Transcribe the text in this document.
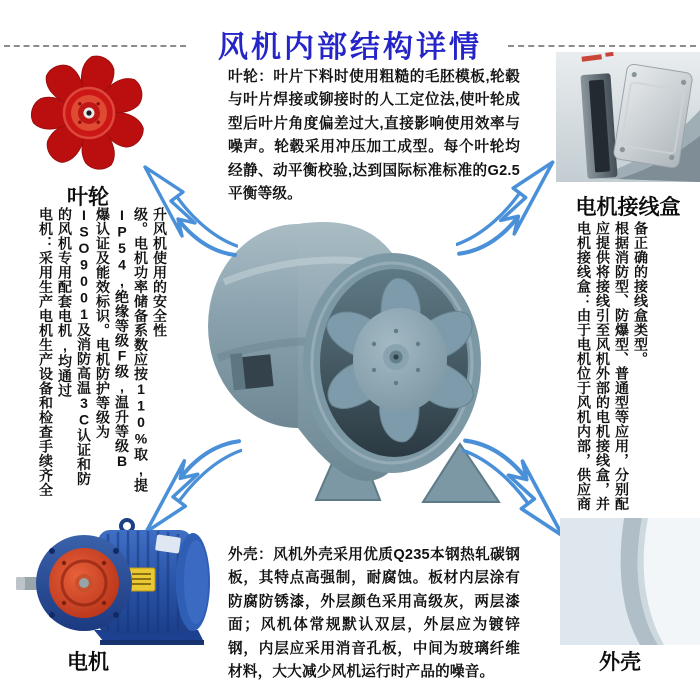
风机内部结构详情
叶轮
叶轮：叶片下料时使用粗糙的毛胚模板,轮毂与叶片焊接或铆接时的人工定位法,使叶轮成型后叶片角度偏差过大,直接影响使用效率与噪声。轮毂采用冲压加工成型。每个叶轮均经静、动平衡校验,达到国际标准标准的G2.5平衡等级。
电机接线盒
电机：采用生产电机生产设备和检查手续齐全的风机专用配套电机,均通过ISO9001及消防高温3C认证和防爆认证及能效标识。电机防护等级为IP54,绝缘等级F级,温升等级B级。电机功率储备系数应按110%取,提升风机使用的安全性	电机接线盒：由于电机位于风机内部，供应商应提供将接线引至风机外部的电机接线盒，并根据消防型、防爆型、普通型等应用，分别配备正确的接线盒类型。
电机
外壳：风机外壳采用优质Q235本钢热轧碳钢板，其特点高强制，耐腐蚀。板材内层涂有防腐防锈漆，外层颜色采用高级灰，两层漆面；风机体常规默认双层，外层应为镀锌钢，内层应采用消音孔板，中间为玻璃纤维材料，大大减少风机运行时产品的噪音。	外壳
